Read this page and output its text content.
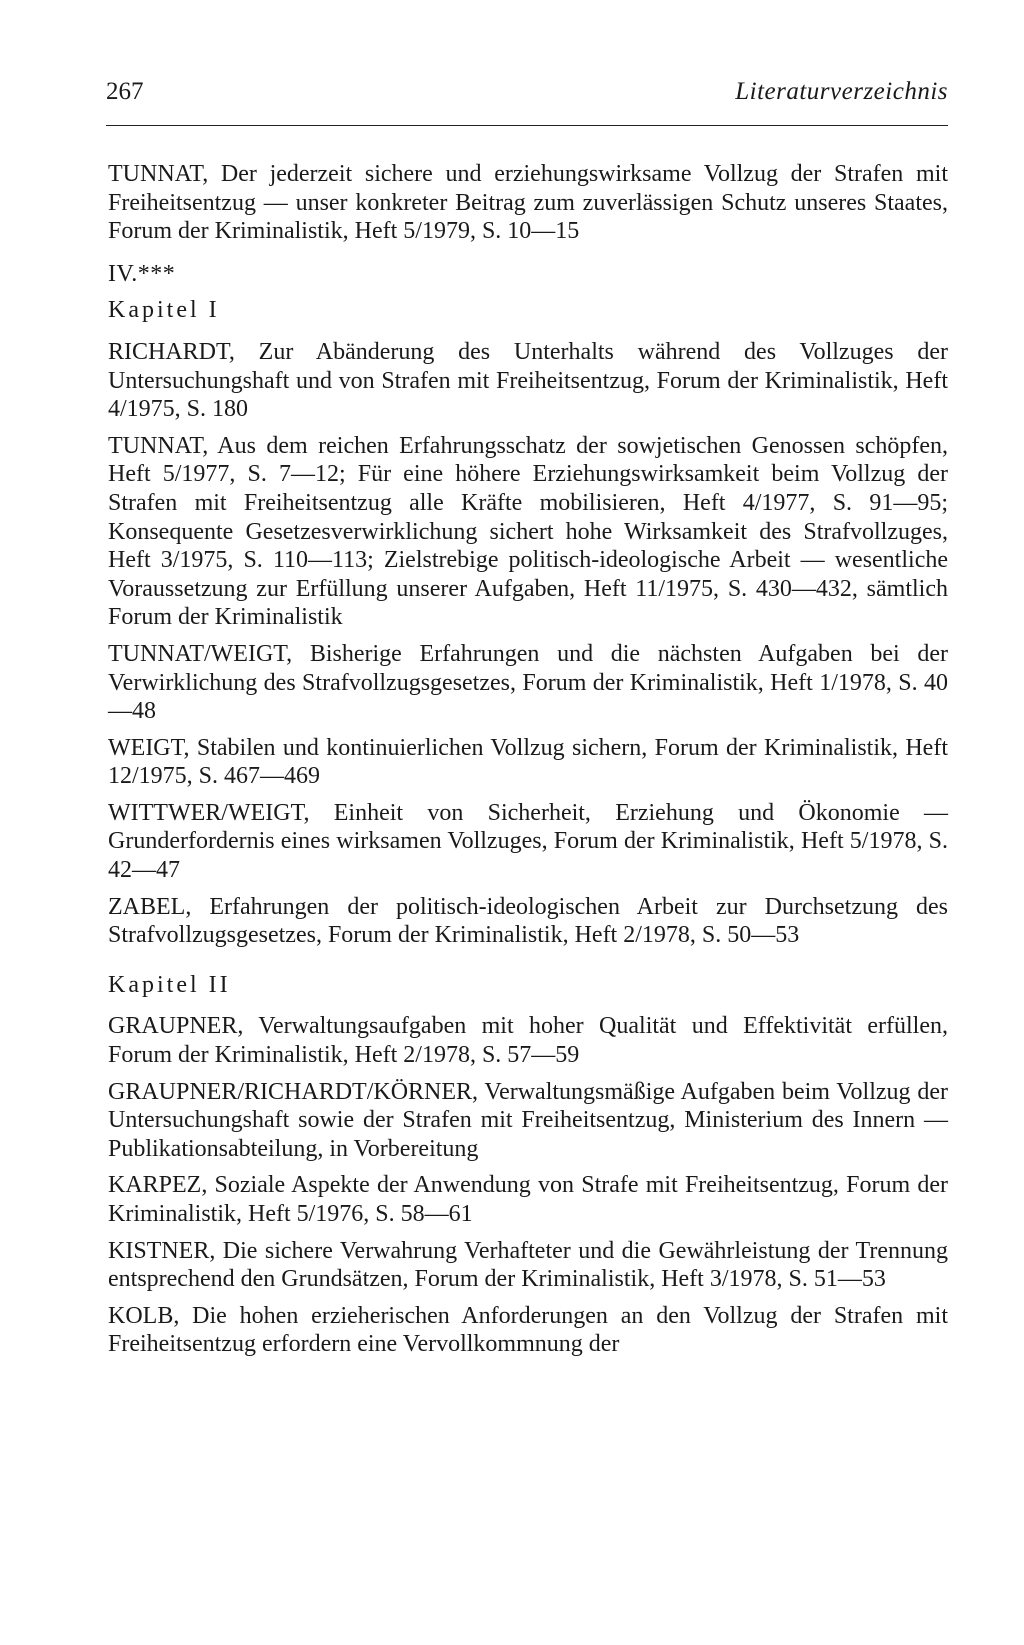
267	Literaturverzeichnis

TUNNAT, Der jederzeit sichere und erziehungswirksame Vollzug der Strafen mit Freiheitsentzug — unser konkreter Beitrag zum zuverlässigen Schutz unseres Staates, Forum der Kriminalistik, Heft 5/1979, S. 10—15

IV.***
Kapitel I

RICHARDT, Zur Abänderung des Unterhalts während des Vollzuges der Untersuchungshaft und von Strafen mit Freiheitsentzug, Forum der Kriminalistik, Heft 4/1975, S. 180

TUNNAT, Aus dem reichen Erfahrungsschatz der sowjetischen Genossen schöpfen, Heft 5/1977, S. 7—12; Für eine höhere Erziehungswirksamkeit beim Vollzug der Strafen mit Freiheitsentzug alle Kräfte mobilisieren, Heft 4/1977, S. 91—95; Konsequente Gesetzesverwirklichung sichert hohe Wirksamkeit des Strafvollzuges, Heft 3/1975, S. 110—113; Zielstrebige politisch-ideologische Arbeit — wesentliche Voraussetzung zur Erfüllung unserer Aufgaben, Heft 11/1975, S. 430—432, sämtlich Forum der Kriminalistik

TUNNAT/WEIGT, Bisherige Erfahrungen und die nächsten Aufgaben bei der Verwirklichung des Strafvollzugsgesetzes, Forum der Kriminalistik, Heft 1/1978, S. 40—48

WEIGT, Stabilen und kontinuierlichen Vollzug sichern, Forum der Kriminalistik, Heft 12/1975, S. 467—469

WITTWER/WEIGT, Einheit von Sicherheit, Erziehung und Ökonomie — Grunderfordernis eines wirksamen Vollzuges, Forum der Kriminalistik, Heft 5/1978, S. 42—47

ZABEL, Erfahrungen der politisch-ideologischen Arbeit zur Durchsetzung des Strafvollzugsgesetzes, Forum der Kriminalistik, Heft 2/1978, S. 50—53

Kapitel II

GRAUPNER, Verwaltungsaufgaben mit hoher Qualität und Effektivität erfüllen, Forum der Kriminalistik, Heft 2/1978, S. 57—59

GRAUPNER/RICHARDT/KÖRNER, Verwaltungsmäßige Aufgaben beim Vollzug der Untersuchungshaft sowie der Strafen mit Freiheitsentzug, Ministerium des Innern — Publikationsabteilung, in Vorbereitung

KARPEZ, Soziale Aspekte der Anwendung von Strafe mit Freiheitsentzug, Forum der Kriminalistik, Heft 5/1976, S. 58—61

KISTNER, Die sichere Verwahrung Verhafteter und die Gewährleistung der Trennung entsprechend den Grundsätzen, Forum der Kriminalistik, Heft 3/1978, S. 51—53

KOLB, Die hohen erzieherischen Anforderungen an den Vollzug der Strafen mit Freiheitsentzug erfordern eine Vervollkommnung der
